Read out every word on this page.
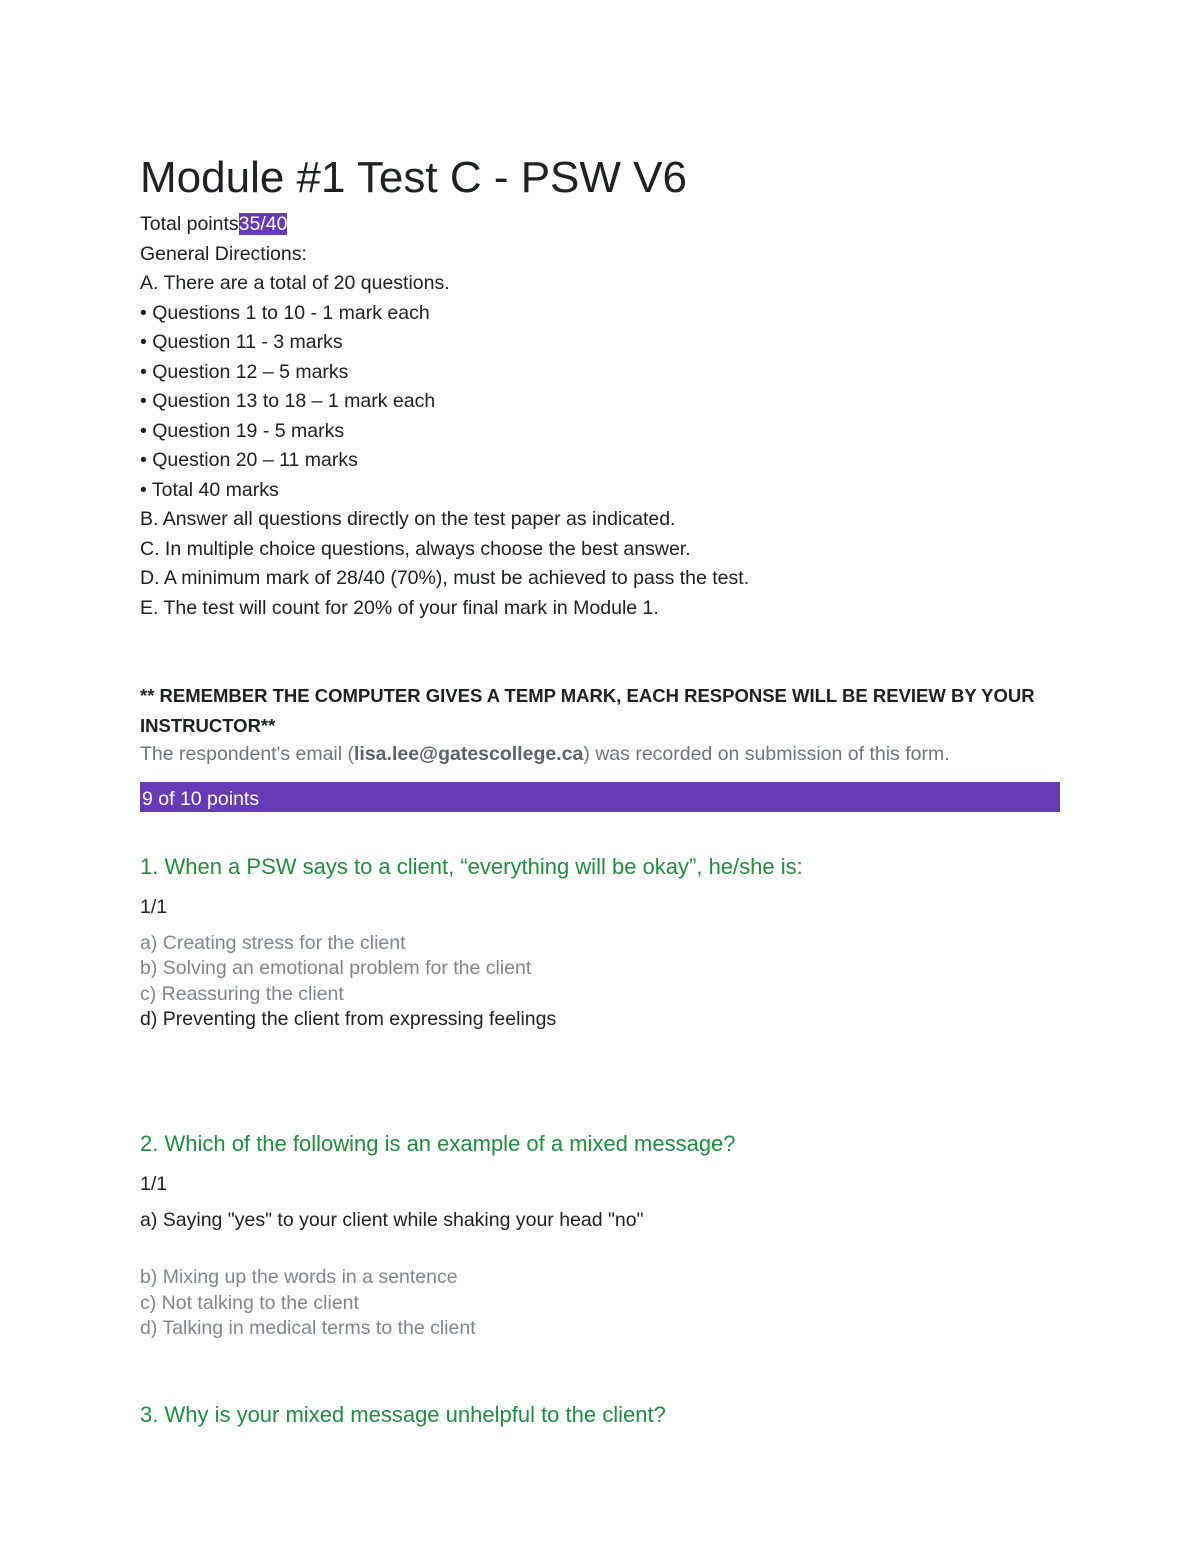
Module #1 Test C - PSW V6
Total points35/40
General Directions:
A. There are a total of 20 questions.
• Questions 1 to 10 - 1 mark each
• Question 11 - 3 marks
• Question 12 – 5 marks
• Question 13 to 18 – 1 mark each
• Question 19 - 5 marks
• Question 20 – 11 marks
• Total 40 marks
B. Answer all questions directly on the test paper as indicated.
C. In multiple choice questions, always choose the best answer.
D. A minimum mark of 28/40 (70%), must be achieved to pass the test.
E. The test will count for 20% of your final mark in Module 1.
** REMEMBER THE COMPUTER GIVES A TEMP MARK, EACH RESPONSE WILL BE REVIEW BY YOUR INSTRUCTOR**
The respondent's email (lisa.lee@gatescollege.ca) was recorded on submission of this form.
9 of 10 points
1. When a PSW says to a client, “everything will be okay”, he/she is:
1/1
a) Creating stress for the client
b) Solving an emotional problem for the client
c) Reassuring the client
d) Preventing the client from expressing feelings
2. Which of the following is an example of a mixed message?
1/1
a) Saying "yes" to your client while shaking your head "no"
b) Mixing up the words in a sentence
c) Not talking to the client
d) Talking in medical terms to the client
3. Why is your mixed message unhelpful to the client?
